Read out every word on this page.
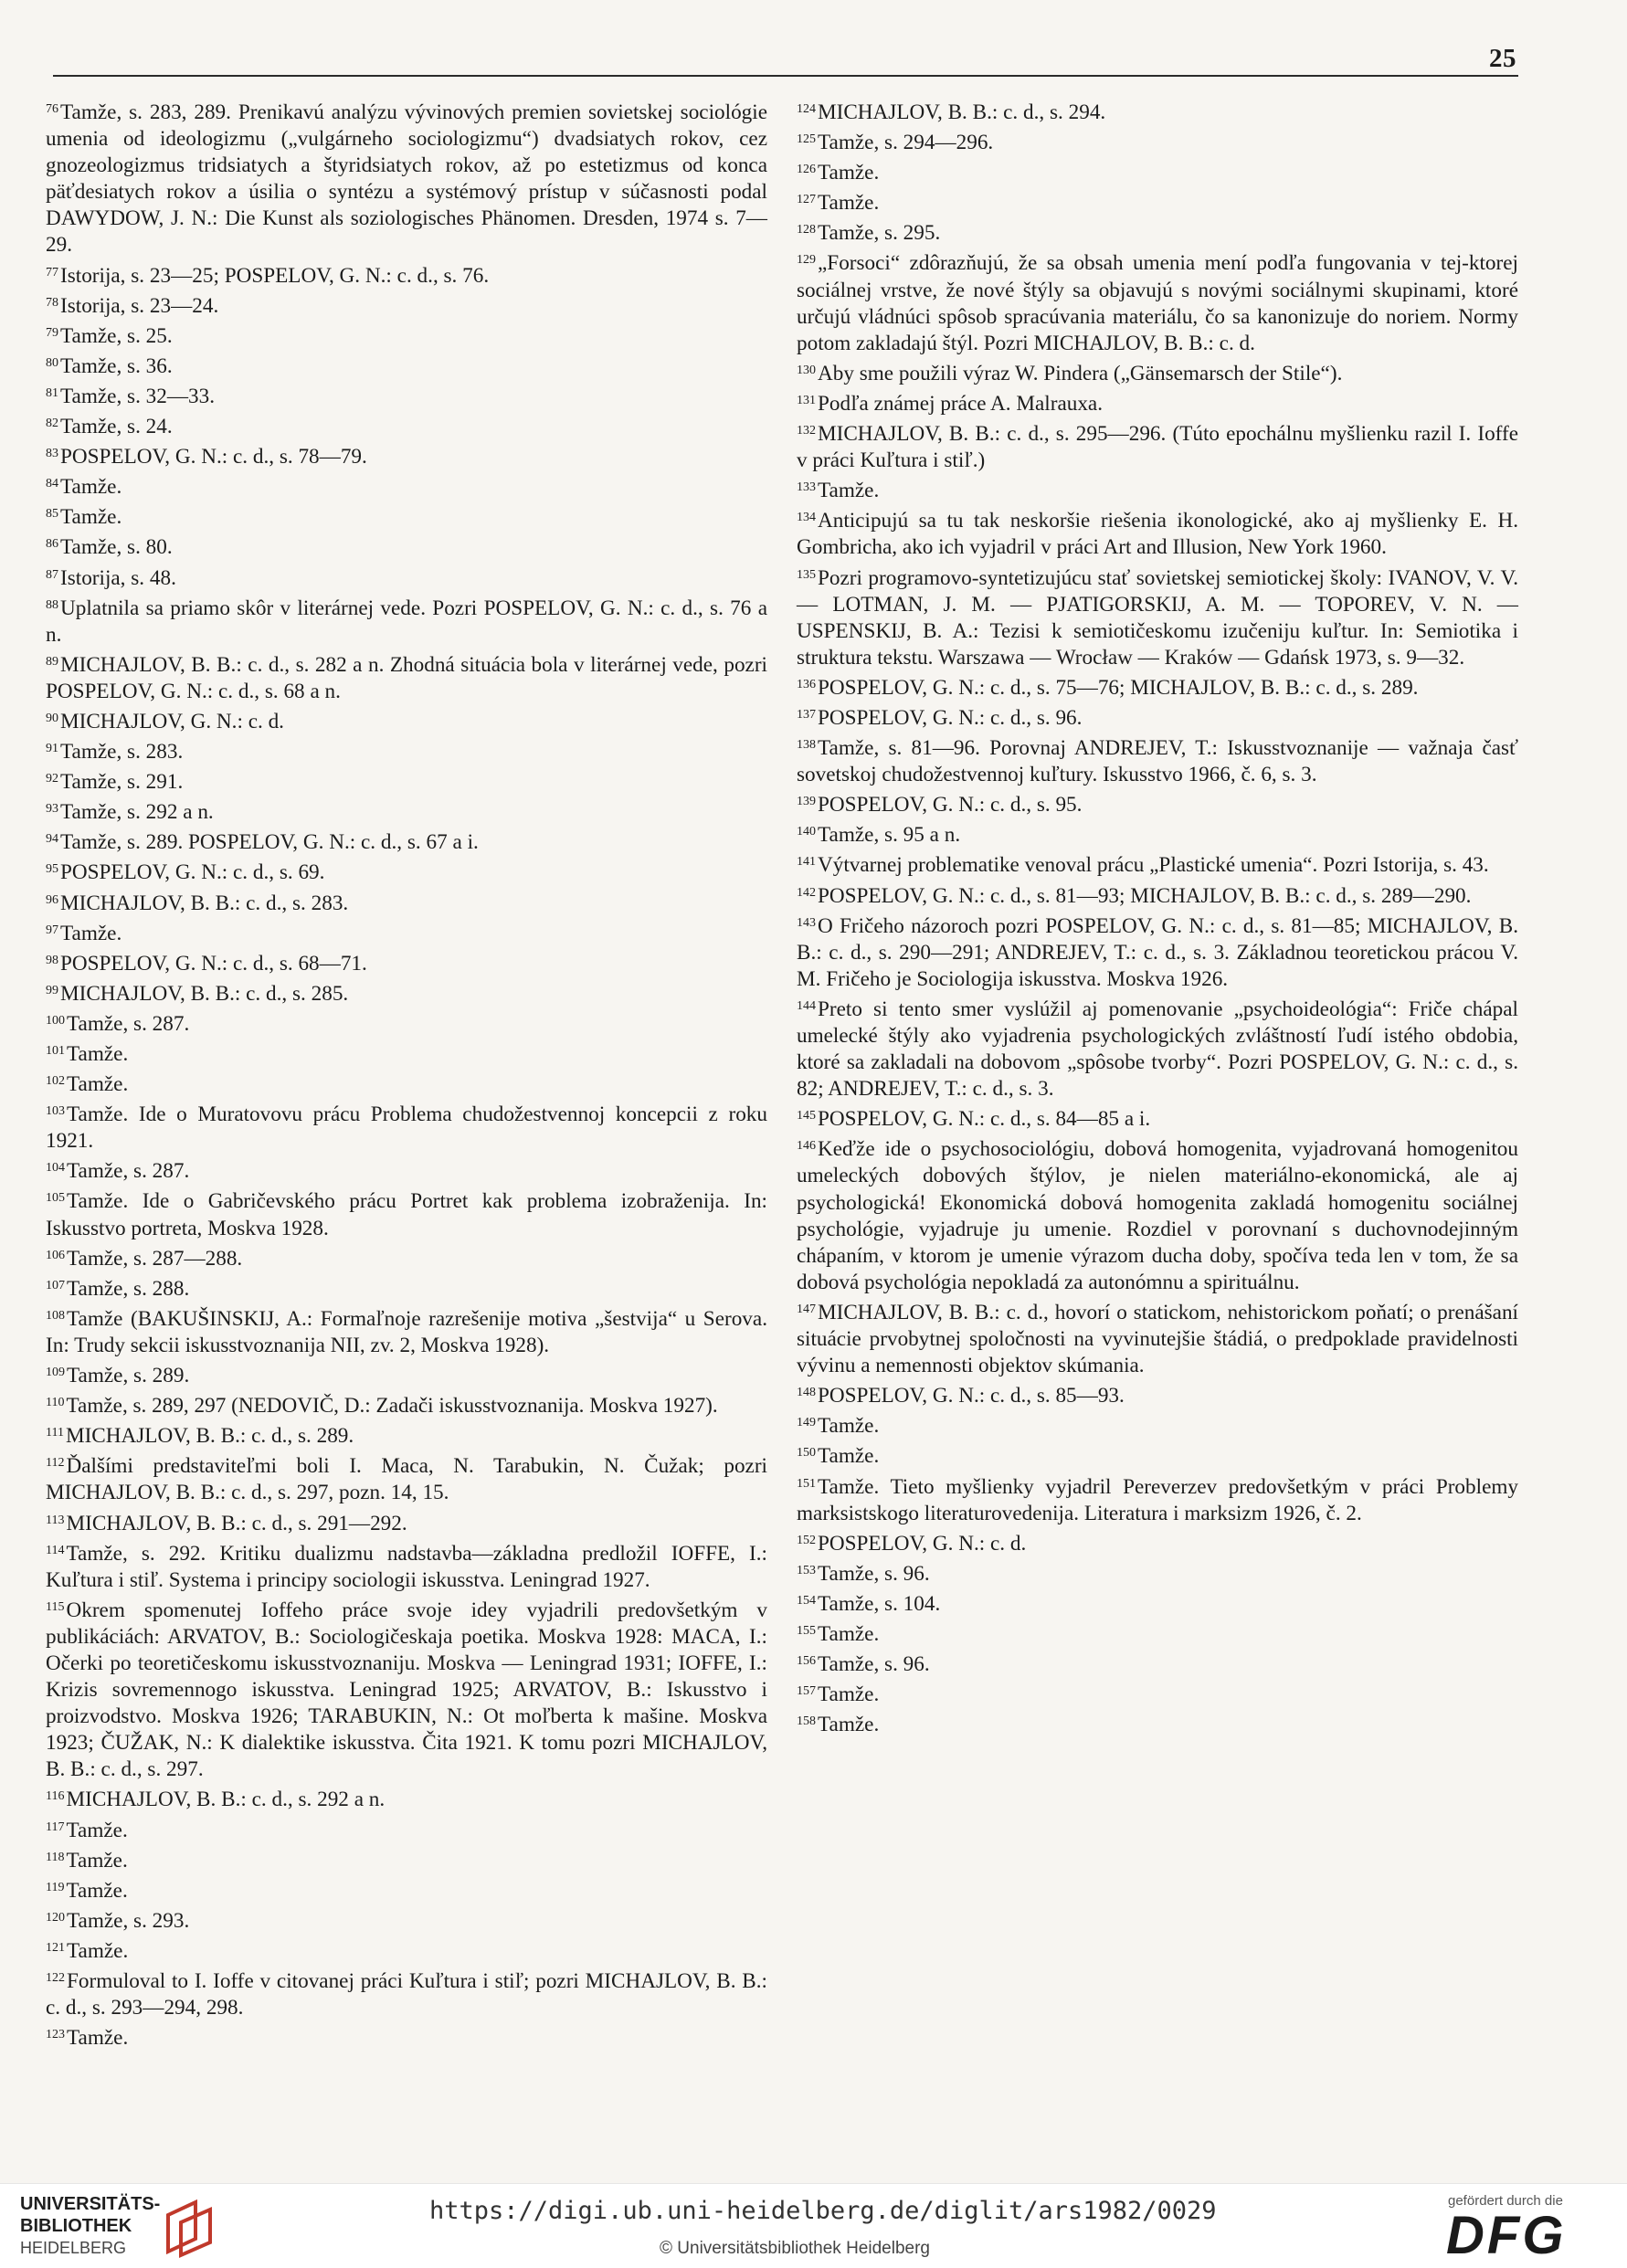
25

$^{76}$Tamže, s. 283, 289. Prenikavú analýzu vývinových premien sovietskej sociológie umenia od ideologizmu („vulgárneho sociologizmu“) dvadsiatych rokov, cez gnozeologizmus tridsiatych a štyridsiatych rokov, až po estetizmus od konca päťdesiatych rokov a úsilia o syntézu a systémový prístup v súčasnosti podal DAWYDOW, J. N.: Die Kunst als soziologisches Phänomen. Dresden, 1974 s. 7—29.

$^{77}$Istorija, s. 23—25; POSPELOV, G. N.: c. d., s. 76.

$^{78}$Istorija, s. 23—24.

$^{79}$Tamže, s. 25.

$^{80}$Tamže, s. 36.

$^{81}$Tamže, s. 32—33.

$^{82}$Tamže, s. 24.

$^{83}$POSPELOV, G. N.: c. d., s. 78—79.

$^{84}$Tamže.

$^{85}$Tamže.

$^{86}$Tamže, s. 80.

$^{87}$Istorija, s. 48.

$^{88}$Uplatnila sa priamo skôr v literárnej vede. Pozri POSPELOV, G. N.: c. d., s. 76 a n.

$^{89}$MICHAJLOV, B. B.: c. d., s. 282 a n. Zhodná situácia bola v literárnej vede, pozri POSPELOV, G. N.: c. d., s. 68 a n.

$^{90}$MICHAJLOV, G. N.: c. d.

$^{91}$Tamže, s. 283.

$^{92}$Tamže, s. 291.

$^{93}$Tamže, s. 292 a n.

$^{94}$Tamže, s. 289. POSPELOV, G. N.: c. d., s. 67 a i.

$^{95}$POSPELOV, G. N.: c. d., s. 69.

$^{96}$MICHAJLOV, B. B.: c. d., s. 283.

$^{97}$Tamže.

$^{98}$POSPELOV, G. N.: c. d., s. 68—71.

$^{99}$MICHAJLOV, B. B.: c. d., s. 285.

$^{100}$Tamže, s. 287.

$^{101}$Tamže.

$^{102}$Tamže.

$^{103}$Tamže. Ide o Muratovovu prácu Problema chudožestvennoj koncepcii z roku 1921.

$^{104}$Tamže, s. 287.

$^{105}$Tamže. Ide o Gabričevského prácu Portret kak problema izobraženija. In: Iskusstvo portreta, Moskva 1928.

$^{106}$Tamže, s. 287—288.

$^{107}$Tamže, s. 288.

$^{108}$Tamže (BAKUŠINSKIJ, A.: Formaľnoje razrešenije motiva „šestvija“ u Serova. In: Trudy sekcii iskusstvoznanija NII, zv. 2, Moskva 1928).

$^{109}$Tamže, s. 289.

$^{110}$Tamže, s. 289, 297 (NEDOVIČ, D.: Zadači iskusstvoznanija. Moskva 1927).

$^{111}$MICHAJLOV, B. B.: c. d., s. 289.

$^{112}$Ďalšími predstaviteľmi boli I. Maca, N. Tarabukin, N. Čužak; pozri MICHAJLOV, B. B.: c. d., s. 297, pozn. 14, 15.

$^{113}$MICHAJLOV, B. B.: c. d., s. 291—292.

$^{114}$Tamže, s. 292. Kritiku dualizmu nadstavba—základna predložil IOFFE, I.: Kuľtura i stiľ. Systema i principy sociologii iskusstva. Leningrad 1927.

$^{115}$Okrem spomenutej Ioffeho práce svoje idey vyjadrili predovšetkým v publikáciách: ARVATOV, B.: Sociologičeskaja poetika. Moskva 1928: MACA, I.: Očerki po teoretičeskomu iskusstvoznaniju. Moskva — Leningrad 1931; IOFFE, I.: Krizis sovremennogo iskusstva. Leningrad 1925; ARVATOV, B.: Iskusstvo i proizvodstvo. Moskva 1926; TARABUKIN, N.: Ot moľberta k mašine. Moskva 1923; ČUŽAK, N.: K dialektike iskusstva. Čita 1921. K tomu pozri MICHAJLOV, B. B.: c. d., s. 297.

$^{116}$MICHAJLOV, B. B.: c. d., s. 292 a n.

$^{117}$Tamže.

$^{118}$Tamže.

$^{119}$Tamže.

$^{120}$Tamže, s. 293.

$^{121}$Tamže.

$^{122}$Formuloval to I. Ioffe v citovanej práci Kuľtura i stiľ; pozri MICHAJLOV, B. B.: c. d., s. 293—294, 298.

$^{123}$Tamže.

$^{124}$MICHAJLOV, B. B.: c. d., s. 294.

$^{125}$Tamže, s. 294—296.

$^{126}$Tamže.

$^{127}$Tamže.

$^{128}$Tamže, s. 295.

$^{129}$„Forsoci“ zdôrazňujú, že sa obsah umenia mení podľa fungovania v tej-ktorej sociálnej vrstve, že nové štýly sa objavujú s novými sociálnymi skupinami, ktoré určujú vládnúci spôsob spracúvania materiálu, čo sa kanonizuje do noriem. Normy potom zakladajú štýl. Pozri MICHAJLOV, B. B.: c. d.

$^{130}$Aby sme použili výraz W. Pindera („Gänsemarsch der Stile“).

$^{131}$Podľa známej práce A. Malrauxa.

$^{132}$MICHAJLOV, B. B.: c. d., s. 295—296. (Túto epochálnu myšlienku razil I. Ioffe v práci Kuľtura i stiľ.)

$^{133}$Tamže.

$^{134}$Anticipujú sa tu tak neskoršie riešenia ikonologické, ako aj myšlienky E. H. Gombricha, ako ich vyjadril v práci Art and Illusion, New York 1960.

$^{135}$Pozri programovo-syntetizujúcu stať sovietskej semiotickej školy: IVANOV, V. V. — LOTMAN, J. M. — PJATIGORSKIJ, A. M. — TOPOREV, V. N. — USPENSKIJ, B. A.: Tezisi k semiotičeskomu izučeniju kuľtur. In: Semiotika i struktura tekstu. Warszawa — Wrocław — Kraków — Gdańsk 1973, s. 9—32.

$^{136}$POSPELOV, G. N.: c. d., s. 75—76; MICHAJLOV, B. B.: c. d., s. 289.

$^{137}$POSPELOV, G. N.: c. d., s. 96.

$^{138}$Tamže, s. 81—96. Porovnaj ANDREJEV, T.: Iskusstvoznanije — važnaja časť sovetskoj chudožestvennoj kuľtury. Iskusstvo 1966, č. 6, s. 3.

$^{139}$POSPELOV, G. N.: c. d., s. 95.

$^{140}$Tamže, s. 95 a n.

$^{141}$Výtvarnej problematike venoval prácu „Plastické umenia“. Pozri Istorija, s. 43.

$^{142}$POSPELOV, G. N.: c. d., s. 81—93; MICHAJLOV, B. B.: c. d., s. 289—290.

$^{143}$O Fričeho názoroch pozri POSPELOV, G. N.: c. d., s. 81—85; MICHAJLOV, B. B.: c. d., s. 290—291; ANDREJEV, T.: c. d., s. 3. Základnou teoretickou prácou V. M. Fričeho je Sociologija iskusstva. Moskva 1926.

$^{144}$Preto si tento smer vyslúžil aj pomenovanie „psychoideológia“: Friče chápal umelecké štýly ako vyjadrenia psychologických zvláštností ľudí istého obdobia, ktoré sa zakladali na dobovom „spôsobe tvorby“. Pozri POSPELOV, G. N.: c. d., s. 82; ANDREJEV, T.: c. d., s. 3.

$^{145}$POSPELOV, G. N.: c. d., s. 84—85 a i.

$^{146}$Keďže ide o psychosociológiu, dobová homogenita, vyjadrovaná homogenitou umeleckých dobových štýlov, je nielen materiálno-ekonomická, ale aj psychologická! Ekonomická dobová homogenita zakladá homogenitu sociálnej psychológie, vyjadruje ju umenie. Rozdiel v porovnaní s duchovnodejinným chápaním, v ktorom je umenie výrazom ducha doby, spočíva teda len v tom, že sa dobová psychológia nepokladá za autonómnu a spirituálnu.

$^{147}$MICHAJLOV, B. B.: c. d., hovorí o statickom, nehistorickom poňatí; o prenášaní situácie prvobytnej spoločnosti na vyvinutejšie štádiá, o predpoklade pravidelnosti vývinu a nemennosti objektov skúmania.

$^{148}$POSPELOV, G. N.: c. d., s. 85—93.

$^{149}$Tamže.

$^{150}$Tamže.

$^{151}$Tamže. Tieto myšlienky vyjadril Pereverzev predovšetkým v práci Problemy marksistskogo literaturovedenija. Literatura i marksizm 1926, č. 2.

$^{152}$POSPELOV, G. N.: c. d.

$^{153}$Tamže, s. 96.

$^{154}$Tamže, s. 104.

$^{155}$Tamže.

$^{156}$Tamže, s. 96.

$^{157}$Tamže.

$^{158}$Tamže.

UNIVERSITÄTS-
BIBLIOTHEK
HEIDELBERG
https://digi.ub.uni-heidelberg.de/diglit/ars1982/0029
© Universitätsbibliothek Heidelberg
gefördert durch die
DFG
